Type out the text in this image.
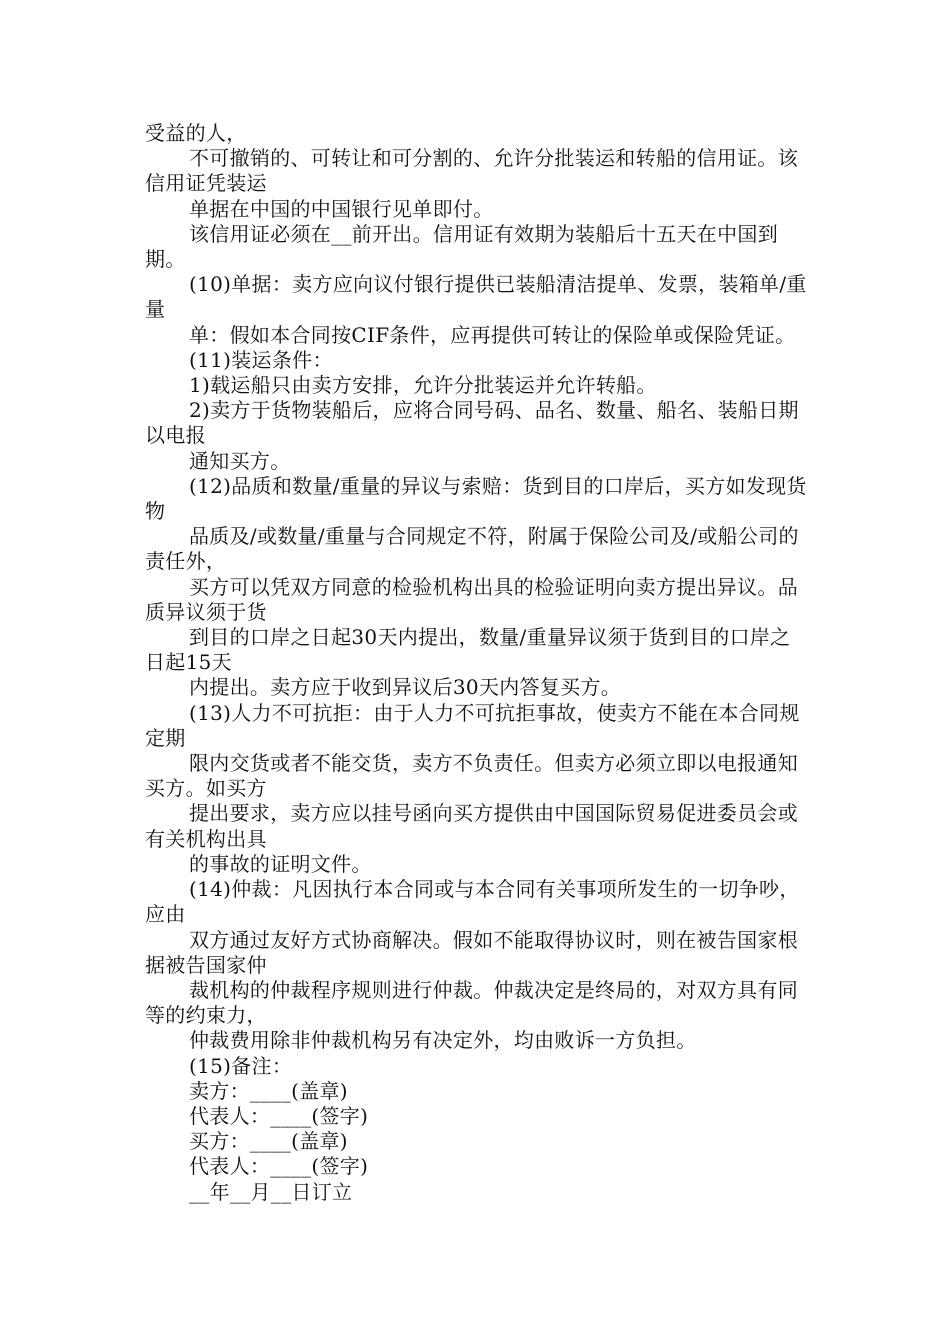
受益的人，

不可撤销的、可转让和可分割的、允许分批装运和转船的信用证。该信用证凭装运

单据在中国的中国银行见单即付。

该信用证必须在__前开出。信用证有效期为装船后十五天在中国到期。

(10)单据：卖方应向议付银行提供已装船清洁提单、发票，装箱单/重量

单：假如本合同按CIF条件，应再提供可转让的保险单或保险凭证。

(11)装运条件：

1)载运船只由卖方安排，允许分批装运并允许转船。

2)卖方于货物装船后，应将合同号码、品名、数量、船名、装船日期以电报

通知买方。

(12)品质和数量/重量的异议与索赔：货到目的口岸后，买方如发现货物

品质及/或数量/重量与合同规定不符，附属于保险公司及/或船公司的责任外，

买方可以凭双方同意的检验机构出具的检验证明向卖方提出异议。品质异议须于货

到目的口岸之日起30天内提出，数量/重量异议须于货到目的口岸之日起15天

内提出。卖方应于收到异议后30天内答复买方。

(13)人力不可抗拒：由于人力不可抗拒事故，使卖方不能在本合同规定期

限内交货或者不能交货，卖方不负责任。但卖方必须立即以电报通知买方。如买方

提出要求，卖方应以挂号函向买方提供由中国国际贸易促进委员会或有关机构出具

的事故的证明文件。

(14)仲裁：凡因执行本合同或与本合同有关事项所发生的一切争吵，应由

双方通过友好方式协商解决。假如不能取得协议时，则在被告国家根据被告国家仲

裁机构的仲裁程序规则进行仲裁。仲裁决定是终局的，对双方具有同等的约束力，

仲裁费用除非仲裁机构另有决定外，均由败诉一方负担。

(15)备注：

卖方：____(盖章)

代表人：____(签字)

买方：____(盖章)

代表人：____(签字)

__年__月__日订立
